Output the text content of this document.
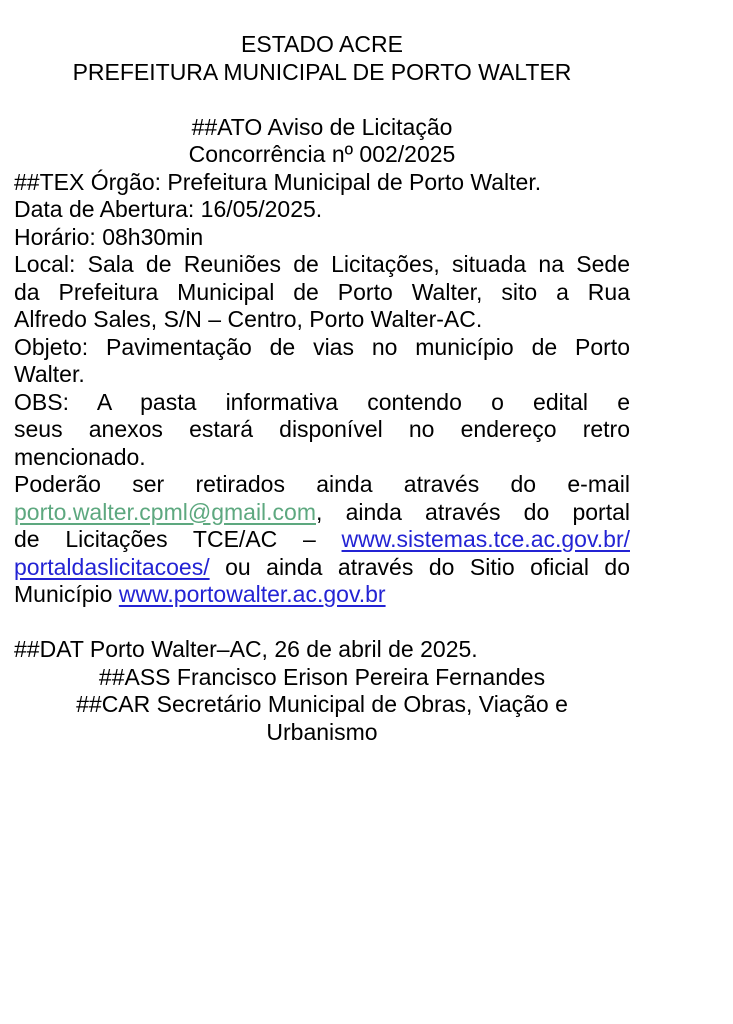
ESTADO ACRE
PREFEITURA MUNICIPAL DE PORTO WALTER

##ATO Aviso de Licitação
Concorrência nº 002/2025
##TEX Órgão: Prefeitura Municipal de Porto Walter.
Data de Abertura: 16/05/2025.
Horário: 08h30min
Local: Sala de Reuniões de Licitações, situada na Sede
da Prefeitura Municipal de Porto Walter, sito a Rua
Alfredo Sales, S/N – Centro, Porto Walter-AC.
Objeto: Pavimentação de vias no município de Porto
Walter.
OBS: A pasta informativa contendo o edital e
seus anexos estará disponível no endereço retro
mencionado.
Poderão ser retirados ainda através do e-mail
porto.walter.cpml@gmail.com, ainda através do portal
de Licitações TCE/AC – www.sistemas.tce.ac.gov.br/
portaldaslicitacoes/ ou ainda através do Sitio oficial do
Município www.portowalter.ac.gov.br

##DAT Porto Walter–AC, 26 de abril de 2025.
##ASS Francisco Erison Pereira Fernandes
##CAR Secretário Municipal de Obras, Viação e
Urbanismo
